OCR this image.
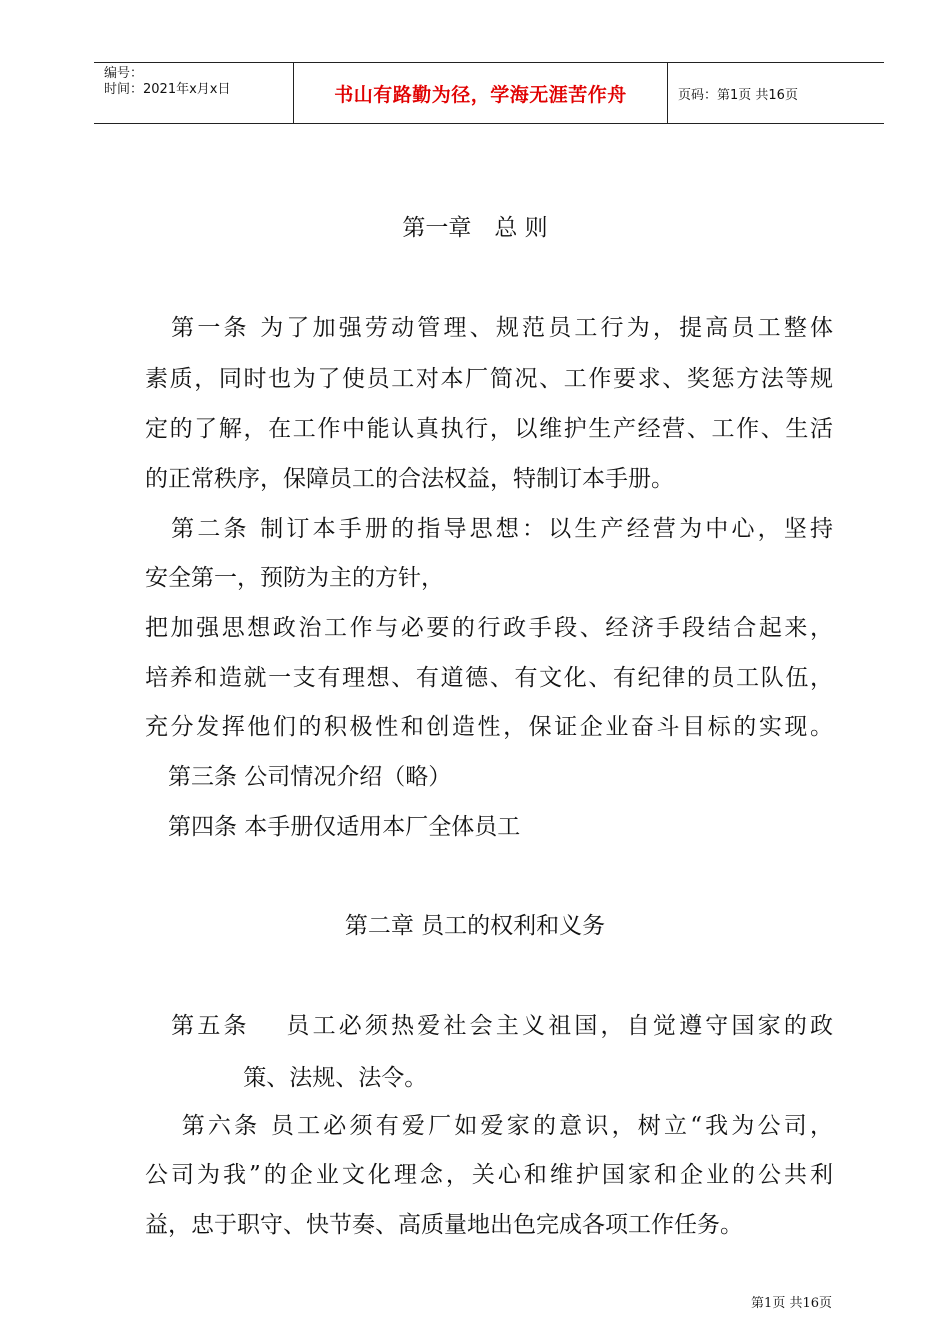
编号：
时间：2021年x月x日	书山有路勤为径，学海无涯苦作舟	页码：第1页 共16页
第一章　总 则
　第一条 为了加强劳动管理、规范员工行为，提高员工整体
素质，同时也为了使员工对本厂简况、工作要求、奖惩方法等规
定的了解，在工作中能认真执行，以维护生产经营、工作、生活
的正常秩序，保障员工的合法权益，特制订本手册。
　第二条 制订本手册的指导思想：以生产经营为中心，坚持
安全第一，预防为主的方针，
把加强思想政治工作与必要的行政手段、经济手段结合起来，
培养和造就一支有理想、有道德、有文化、有纪律的员工队伍，
充分发挥他们的积极性和创造性，保证企业奋斗目标的实现。
　第三条 公司情况介绍（略）
　第四条 本手册仅适用本厂全体员工
第二章 员工的权利和义务
　第五条　 员工必须热爱社会主义祖国，自觉遵守国家的政
　　 策、法规、法令。
　 第六条 员工必须有爱厂如爱家的意识，树立“我为公司，
公司为我”的企业文化理念，关心和维护国家和企业的公共利
益，忠于职守、快节奏、高质量地出色完成各项工作任务。
第1页 共16页
